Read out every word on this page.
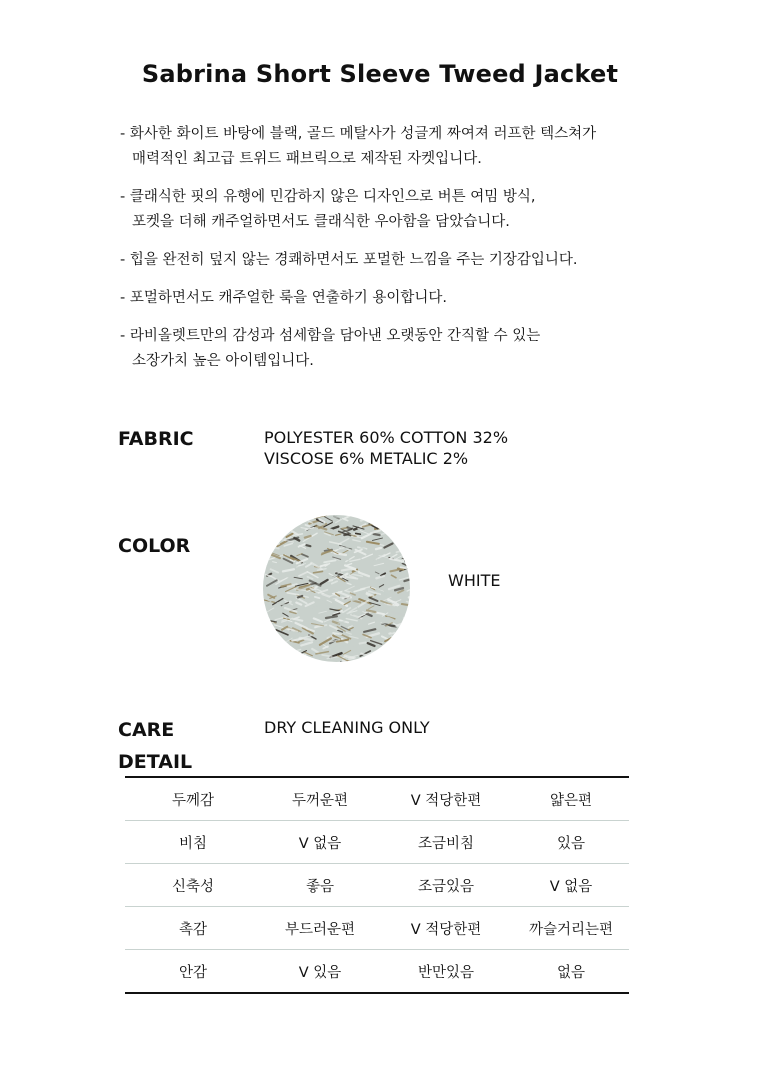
Sabrina Short Sleeve Tweed Jacket
- 화사한 화이트 바탕에 블랙, 골드 메탈사가 성글게 짜여져 러프한 텍스쳐가
매력적인 최고급 트위드 패브릭으로 제작된 자켓입니다.
- 클래식한 핏의 유행에 민감하지 않은 디자인으로 버튼 여밈 방식,
포켓을 더해 캐주얼하면서도 클래식한 우아함을 담았습니다.
- 힙을 완전히 덮지 않는 경쾌하면서도 포멀한 느낌을 주는 기장감입니다.
- 포멀하면서도 캐주얼한 룩을 연출하기 용이합니다.
- 라비올렛트만의 감성과 섬세함을 담아낸 오랫동안 간직할 수 있는
소장가치 높은 아이템입니다.
FABRIC	POLYESTER 60% COTTON 32%
VISCOSE 6% METALIC 2%
COLOR
WHITE
CARE
DETAIL
DRY CLEANING ONLY
두께감	두꺼운편	V 적당한편	얇은편
비침	V 없음	조금비침	있음
신축성	좋음	조금있음	V 없음
촉감	부드러운편	V 적당한편	까슬거리는편
안감	V 있음	반만있음	없음
